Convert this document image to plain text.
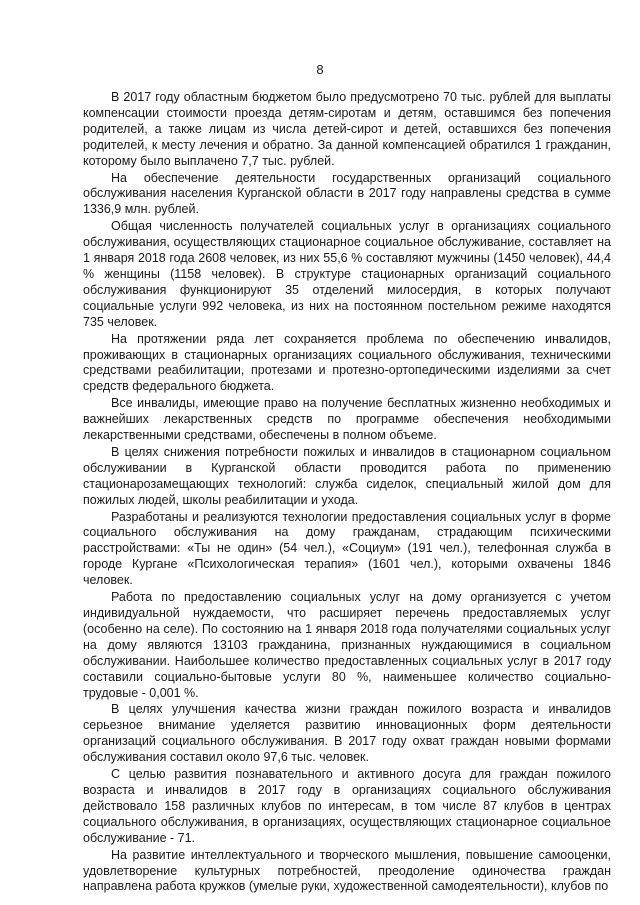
8

В 2017 году областным бюджетом было предусмотрено 70 тыс. рублей для выплаты компенсации стоимости проезда детям-сиротам и детям, оставшимся без попечения родителей, а также лицам из числа детей-сирот и детей, оставшихся без попечения родителей, к месту лечения и обратно. За данной компенсацией обратился 1 гражданин, которому было выплачено 7,7 тыс. рублей.

На обеспечение деятельности государственных организаций социального обслуживания населения Курганской области в 2017 году направлены средства в сумме 1336,9 млн. рублей.

Общая численность получателей социальных услуг в организациях социального обслуживания, осуществляющих стационарное социальное обслуживание, составляет на 1 января 2018 года 2608 человек, из них 55,6 % составляют мужчины (1450 человек), 44,4 % женщины (1158 человек). В структуре стационарных организаций социального обслуживания функционируют 35 отделений милосердия, в которых получают социальные услуги 992 человека, из них на постоянном постельном режиме находятся 735 человек.

На протяжении ряда лет сохраняется проблема по обеспечению инвалидов, проживающих в стационарных организациях социального обслуживания, техническими средствами реабилитации, протезами и протезно-ортопедическими изделиями за счет средств федерального бюджета.

Все инвалиды, имеющие право на получение бесплатных жизненно необходимых и важнейших лекарственных средств по программе обеспечения необходимыми лекарственными средствами, обеспечены в полном объеме.

В целях снижения потребности пожилых и инвалидов в стационарном социальном обслуживании в Курганской области проводится работа по применению стационарозамещающих технологий: служба сиделок, специальный жилой дом для пожилых людей, школы реабилитации и ухода.

Разработаны и реализуются технологии предоставления социальных услуг в форме социального обслуживания на дому гражданам, страдающим психическими расстройствами: «Ты не один» (54 чел.), «Социум» (191 чел.), телефонная служба в городе Кургане «Психологическая терапия» (1601 чел.), которыми охвачены 1846 человек.

Работа по предоставлению социальных услуг на дому организуется с учетом индивидуальной нуждаемости, что расширяет перечень предоставляемых услуг (особенно на селе). По состоянию на 1 января 2018 года получателями социальных услуг на дому являются 13103 гражданина, признанных нуждающимися в социальном обслуживании. Наибольшее количество предоставленных социальных услуг в 2017 году составили социально-бытовые услуги 80 %, наименьшее количество социально-трудовые - 0,001 %.

В целях улучшения качества жизни граждан пожилого возраста и инвалидов серьезное внимание уделяется развитию инновационных форм деятельности организаций социального обслуживания. В 2017 году охват граждан новыми формами обслуживания составил около 97,6 тыс. человек.

С целью развития познавательного и активного досуга для граждан пожилого возраста и инвалидов в 2017 году в организациях социального обслуживания действовало 158 различных клубов по интересам, в том числе 87 клубов в центрах социального обслуживания, в организациях, осуществляющих стационарное социальное обслуживание - 71.

На развитие интеллектуального и творческого мышления, повышение самооценки, удовлетворение культурных потребностей, преодоление одиночества граждан направлена работа кружков (умелые руки, художественной самодеятельности), клубов по
